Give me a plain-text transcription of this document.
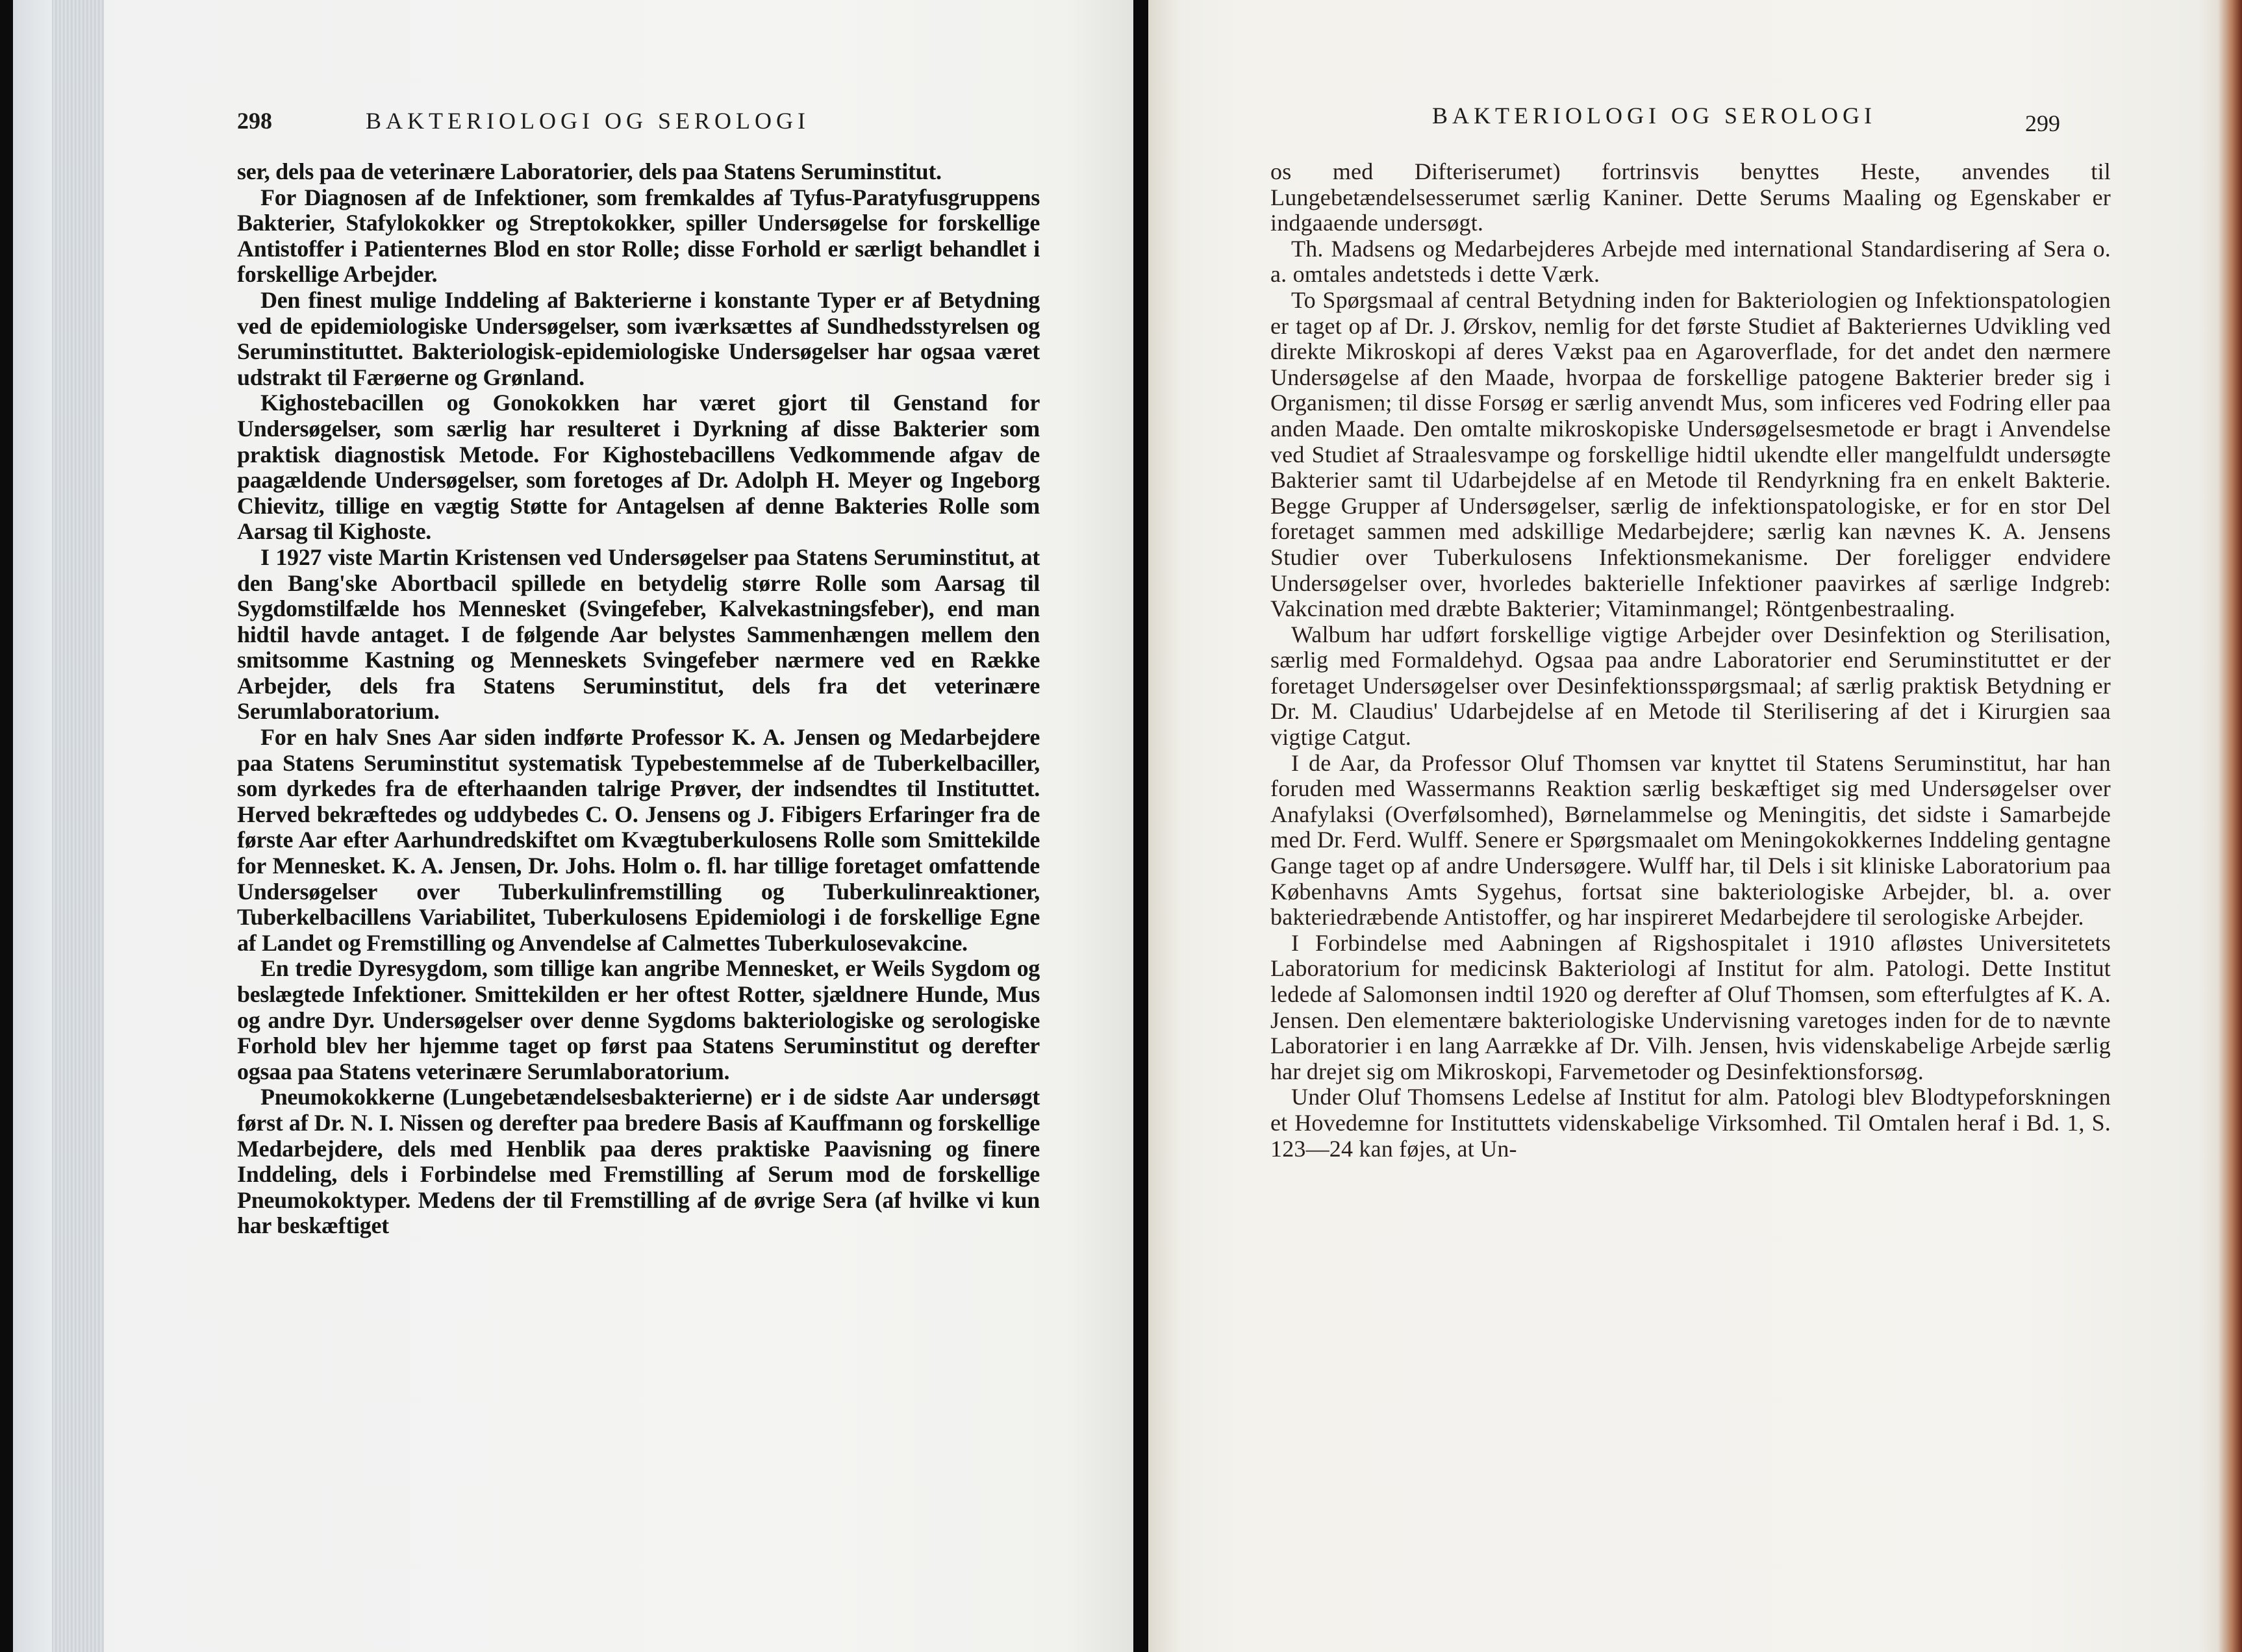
298	BAKTERIOLOGI OG SEROLOGI	BAKTERIOLOGI OG SEROLOGI	299

ser, dels paa de veterinære Laboratorier, dels paa Statens Seruminstitut.

For Diagnosen af de Infektioner, som fremkaldes af Tyfus-Paratyfusgruppens Bakterier, Stafylokokker og Streptokokker, spiller Undersøgelse for forskellige Antistoffer i Patienternes Blod en stor Rolle; disse Forhold er særligt behandlet i forskellige Arbejder.

Den finest mulige Inddeling af Bakterierne i konstante Typer er af Betydning ved de epidemiologiske Undersøgelser, som iværksættes af Sundhedsstyrelsen og Seruminstituttet. Bakteriologisk-epidemiologiske Undersøgelser har ogsaa været udstrakt til Færøerne og Grønland.

Kighostebacillen og Gonokokken har været gjort til Genstand for Undersøgelser, som særlig har resulteret i Dyrkning af disse Bakterier som praktisk diagnostisk Metode. For Kighostebacillens Vedkommende afgav de paagældende Undersøgelser, som foretoges af Dr. Adolph H. Meyer og Ingeborg Chievitz, tillige en vægtig Støtte for Antagelsen af denne Bakteries Rolle som Aarsag til Kighoste.

I 1927 viste Martin Kristensen ved Undersøgelser paa Statens Seruminstitut, at den Bang'ske Abortbacil spillede en betydelig større Rolle som Aarsag til Sygdomstilfælde hos Mennesket (Svingefeber, Kalvekastningsfeber), end man hidtil havde antaget. I de følgende Aar belystes Sammenhængen mellem den smitsomme Kastning og Menneskets Svingefeber nærmere ved en Række Arbejder, dels fra Statens Seruminstitut, dels fra det veterinære Serumlaboratorium.

For en halv Snes Aar siden indførte Professor K. A. Jensen og Medarbejdere paa Statens Seruminstitut systematisk Typebestemmelse af de Tuberkelbaciller, som dyrkedes fra de efterhaanden talrige Prøver, der indsendtes til Instituttet. Herved bekræftedes og uddybedes C. O. Jensens og J. Fibigers Erfaringer fra de første Aar efter Aarhundredskiftet om Kvægtuberkulosens Rolle som Smittekilde for Mennesket. K. A. Jensen, Dr. Johs. Holm o. fl. har tillige foretaget omfattende Undersøgelser over Tuberkulinfremstilling og Tuberkulinreaktioner, Tuberkelbacillens Variabilitet, Tuberkulosens Epidemiologi i de forskellige Egne af Landet og Fremstilling og Anvendelse af Calmettes Tuberkulosevakcine.

En tredie Dyresygdom, som tillige kan angribe Mennesket, er Weils Sygdom og beslægtede Infektioner. Smittekilden er her oftest Rotter, sjældnere Hunde, Mus og andre Dyr. Undersøgelser over denne Sygdoms bakteriologiske og serologiske Forhold blev her hjemme taget op først paa Statens Seruminstitut og derefter ogsaa paa Statens veterinære Serumlaboratorium.

Pneumokokkerne (Lungebetændelsesbakterierne) er i de sidste Aar undersøgt først af Dr. N. I. Nissen og derefter paa bredere Basis af Kauffmann og forskellige Medarbejdere, dels med Henblik paa deres praktiske Paavisning og finere Inddeling, dels i Forbindelse med Fremstilling af Serum mod de forskellige Pneumokoktyper. Medens der til Fremstilling af de øvrige Sera (af hvilke vi kun har beskæftiget

os med Difteriserumet) fortrinsvis benyttes Heste, anvendes til Lungebetændelsesserumet særlig Kaniner. Dette Serums Maaling og Egenskaber er indgaaende undersøgt.

Th. Madsens og Medarbejderes Arbejde med international Standardisering af Sera o. a. omtales andetsteds i dette Værk.

To Spørgsmaal af central Betydning inden for Bakteriologien og Infektionspatologien er taget op af Dr. J. Ørskov, nemlig for det første Studiet af Bakteriernes Udvikling ved direkte Mikroskopi af deres Vækst paa en Agaroverflade, for det andet den nærmere Undersøgelse af den Maade, hvorpaa de forskellige patogene Bakterier breder sig i Organismen; til disse Forsøg er særlig anvendt Mus, som inficeres ved Fodring eller paa anden Maade. Den omtalte mikroskopiske Undersøgelsesmetode er bragt i Anvendelse ved Studiet af Straalesvampe og forskellige hidtil ukendte eller mangelfuldt undersøgte Bakterier samt til Udarbejdelse af en Metode til Rendyrkning fra en enkelt Bakterie. Begge Grupper af Undersøgelser, særlig de infektionspatologiske, er for en stor Del foretaget sammen med adskillige Medarbejdere; særlig kan nævnes K. A. Jensens Studier over Tuberkulosens Infektionsmekanisme. Der foreligger endvidere Undersøgelser over, hvorledes bakterielle Infektioner paavirkes af særlige Indgreb: Vakcination med dræbte Bakterier; Vitaminmangel; Röntgenbestraaling.

Walbum har udført forskellige vigtige Arbejder over Desinfektion og Sterilisation, særlig med Formaldehyd. Ogsaa paa andre Laboratorier end Seruminstituttet er der foretaget Undersøgelser over Desinfektionsspørgsmaal; af særlig praktisk Betydning er Dr. M. Claudius' Udarbejdelse af en Metode til Sterilisering af det i Kirurgien saa vigtige Catgut.

I de Aar, da Professor Oluf Thomsen var knyttet til Statens Seruminstitut, har han foruden med Wassermanns Reaktion særlig beskæftiget sig med Undersøgelser over Anafylaksi (Overfølsomhed), Børnelammelse og Meningitis, det sidste i Samarbejde med Dr. Ferd. Wulff. Senere er Spørgsmaalet om Meningokokkernes Inddeling gentagne Gange taget op af andre Undersøgere. Wulff har, til Dels i sit kliniske Laboratorium paa Københavns Amts Sygehus, fortsat sine bakteriologiske Arbejder, bl. a. over bakteriedræbende Antistoffer, og har inspireret Medarbejdere til serologiske Arbejder.

I Forbindelse med Aabningen af Rigshospitalet i 1910 afløstes Universitetets Laboratorium for medicinsk Bakteriologi af Institut for alm. Patologi. Dette Institut ledede af Salomonsen indtil 1920 og derefter af Oluf Thomsen, som efterfulgtes af K. A. Jensen. Den elementære bakteriologiske Undervisning varetoges inden for de to nævnte Laboratorier i en lang Aarrække af Dr. Vilh. Jensen, hvis videnskabelige Arbejde særlig har drejet sig om Mikroskopi, Farvemetoder og Desinfektionsforsøg.

Under Oluf Thomsens Ledelse af Institut for alm. Patologi blev Blodtypeforskningen et Hovedemne for Instituttets videnskabelige Virksomhed. Til Omtalen heraf i Bd. 1, S. 123—24 kan føjes, at Un-
